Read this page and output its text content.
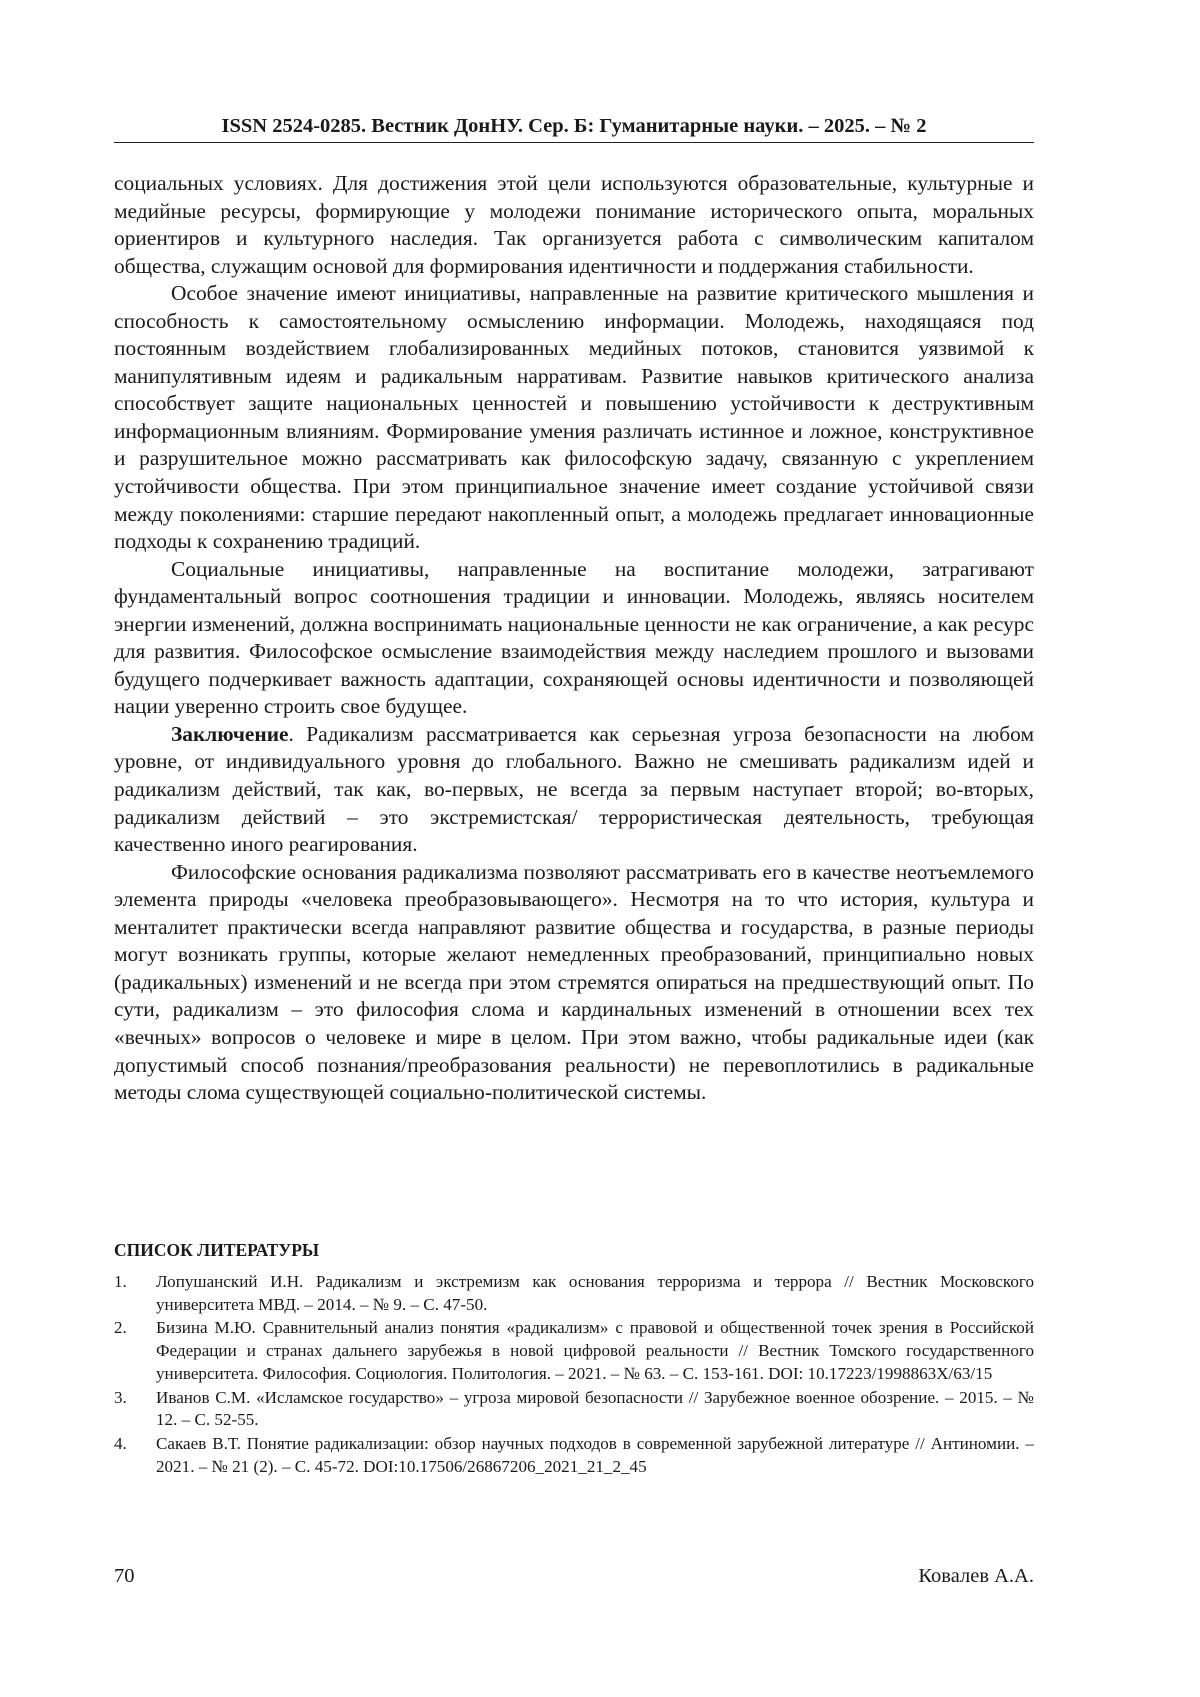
ISSN 2524-0285. Вестник ДонНУ. Сер. Б: Гуманитарные науки. – 2025. – № 2

социальных условиях. Для достижения этой цели используются образовательные, культурные и медийные ресурсы, формирующие у молодежи понимание исторического опыта, моральных ориентиров и культурного наследия. Так организуется работа с символическим капиталом общества, служащим основой для формирования идентичности и поддержания стабильности.

Особое значение имеют инициативы, направленные на развитие критического мышления и способность к самостоятельному осмыслению информации. Молодежь, находящаяся под постоянным воздействием глобализированных медийных потоков, становится уязвимой к манипулятивным идеям и радикальным нарративам. Развитие навыков критического анализа способствует защите национальных ценностей и повышению устойчивости к деструктивным информационным влияниям. Формирование умения различать истинное и ложное, конструктивное и разрушительное можно рассматривать как философскую задачу, связанную с укреплением устойчивости общества. При этом принципиальное значение имеет создание устойчивой связи между поколениями: старшие передают накопленный опыт, а молодежь предлагает инновационные подходы к сохранению традиций.

Социальные инициативы, направленные на воспитание молодежи, затрагивают фундаментальный вопрос соотношения традиции и инновации. Молодежь, являясь носителем энергии изменений, должна воспринимать национальные ценности не как ограничение, а как ресурс для развития. Философское осмысление взаимодействия между наследием прошлого и вызовами будущего подчеркивает важность адаптации, сохраняющей основы идентичности и позволяющей нации уверенно строить свое будущее.

Заключение. Радикализм рассматривается как серьезная угроза безопасности на любом уровне, от индивидуального уровня до глобального. Важно не смешивать радикализм идей и радикализм действий, так как, во-первых, не всегда за первым наступает второй; во-вторых, радикализм действий – это экстремистская/ террористическая деятельность, требующая качественно иного реагирования.

Философские основания радикализма позволяют рассматривать его в качестве неотъемлемого элемента природы «человека преобразовывающего». Несмотря на то что история, культура и менталитет практически всегда направляют развитие общества и государства, в разные периоды могут возникать группы, которые желают немедленных преобразований, принципиально новых (радикальных) изменений и не всегда при этом стремятся опираться на предшествующий опыт. По сути, радикализм – это философия слома и кардинальных изменений в отношении всех тех «вечных» вопросов о человеке и мире в целом. При этом важно, чтобы радикальные идеи (как допустимый способ познания/преобразования реальности) не перевоплотились в радикальные методы слома существующей социально-политической системы.

СПИСОК ЛИТЕРАТУРЫ
1. Лопушанский И.Н. Радикализм и экстремизм как основания терроризма и террора // Вестник Московского университета МВД. – 2014. – № 9. – С. 47-50.
2. Бизина М.Ю. Сравнительный анализ понятия «радикализм» с правовой и общественной точек зрения в Российской Федерации и странах дальнего зарубежья в новой цифровой реальности // Вестник Томского государственного университета. Философия. Социология. Политология. – 2021. – № 63. – С. 153-161. DOI: 10.17223/1998863X/63/15
3. Иванов С.М. «Исламское государство» – угроза мировой безопасности // Зарубежное военное обозрение. – 2015. – № 12. – С. 52-55.
4. Сакаев В.Т. Понятие радикализации: обзор научных подходов в современной зарубежной литературе // Антиномии. – 2021. – № 21 (2). – С. 45-72. DOI:10.17506/26867206_2021_21_2_45
70	Ковалев А.А.
